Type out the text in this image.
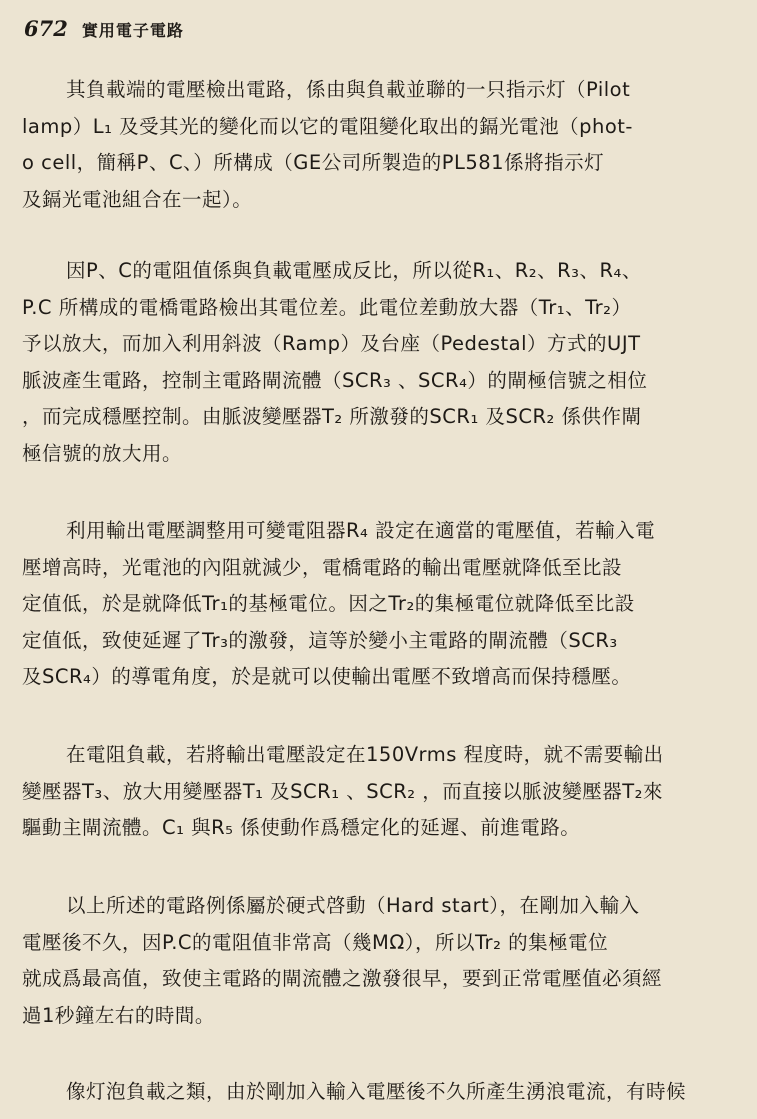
672 實用電子電路
其負載端的電壓檢出電路，係由與負載並聯的一只指示灯（Pilot
lamp）L₁ 及受其光的變化而以它的電阻變化取出的鎘光電池（phot-
o cell，簡稱P、C、）所構成（GE公司所製造的PL581係將指示灯
及鎘光電池組合在一起）。
因P、C的電阻值係與負載電壓成反比，所以從R₁、R₂、R₃、R₄、
P.C 所構成的電橋電路檢出其電位差。此電位差動放大器（Tr₁、Tr₂）
予以放大，而加入利用斜波（Ramp）及台座（Pedestal）方式的UJT
脈波產生電路，控制主電路閘流體（SCR₃ 、SCR₄）的閘極信號之相位
，而完成穩壓控制。由脈波變壓器T₂ 所激發的SCR₁ 及SCR₂ 係供作閘
極信號的放大用。
利用輸出電壓調整用可變電阻器R₄ 設定在適當的電壓值，若輸入電
壓增高時，光電池的內阻就減少，電橋電路的輸出電壓就降低至比設
定值低，於是就降低Tr₁的基極電位。因之Tr₂的集極電位就降低至比設
定值低，致使延遲了Tr₃的激發，這等於變小主電路的閘流體（SCR₃
及SCR₄）的導電角度，於是就可以使輸出電壓不致增高而保持穩壓。
在電阻負載，若將輸出電壓設定在150Vrms 程度時，就不需要輸出
變壓器T₃、放大用變壓器T₁ 及SCR₁ 、SCR₂ ，而直接以脈波變壓器T₂來
驅動主閘流體。C₁ 與R₅ 係使動作爲穩定化的延遲、前進電路。
以上所述的電路例係屬於硬式啓動（Hard start），在剛加入輸入
電壓後不久，因P.C的電阻值非常高（幾MΩ），所以Tr₂ 的集極電位
就成爲最高值，致使主電路的閘流體之激發很早，要到正常電壓值必須經
過1秒鐘左右的時間。
像灯泡負載之類，由於剛加入輸入電壓後不久所產生湧浪電流，有時候
